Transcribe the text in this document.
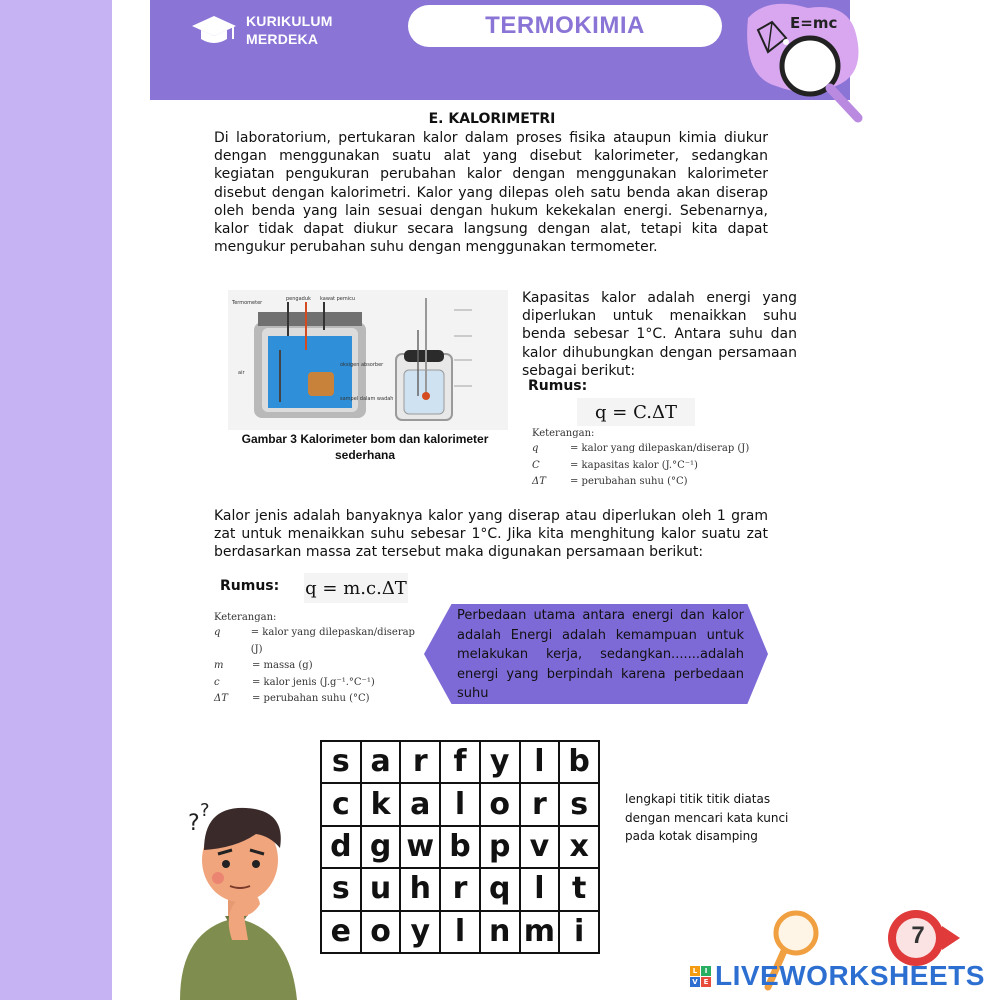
KURIKULUM
MERDEKA	TERMOKIMIA	E=mc
E. KALORIMETRI
Di laboratorium, pertukaran kalor dalam proses fisika ataupun kimia diukur dengan menggunakan suatu alat yang disebut kalorimeter, sedangkan kegiatan pengukuran perubahan kalor dengan menggunakan kalorimeter disebut dengan kalorimetri. Kalor yang dilepas oleh satu benda akan diserap oleh benda yang lain sesuai dengan hukum kekekalan energi. Sebenarnya, kalor tidak dapat diukur secara langsung dengan alat, tetapi kita dapat mengukur perubahan suhu dengan menggunakan termometer.
Termometer
pengaduk kawat pemicu
air
oksigen absorber
sampel dalam wadah
Gambar 3 Kalorimeter bom dan kalorimeter sederhana
Kapasitas kalor adalah energi yang diperlukan untuk menaikkan suhu benda sebesar 1°C. Antara suhu dan kalor dihubungkan dengan persamaan sebagai berikut:
Rumus:
q = C.ΔT
Keterangan:
q	= kalor yang dilepaskan/diserap (J)
C	= kapasitas kalor (J.°C⁻¹)
ΔT	= perubahan suhu (°C)
Kalor jenis adalah banyaknya kalor yang diserap atau diperlukan oleh 1 gram zat untuk menaikkan suhu sebesar 1°C. Jika kita menghitung kalor suatu zat berdasarkan massa zat tersebut maka digunakan persamaan berikut:
Rumus: q = m.c.ΔT
Keterangan:
q	= kalor yang dilepaskan/diserap (J)
m	= massa (g)
c	= kalor jenis (J.g⁻¹.°C⁻¹)
ΔT	= perubahan suhu (°C)
Perbedaan utama antara energi dan kalor adalah Energi adalah kemampuan untuk melakukan kerja, sedangkan.......adalah energi yang berpindah karena perbedaan suhu
s a r f y l b
c k a l o r s
d g w b p v x
s u h r q l t
e o y l n m i
lengkapi titik titik diatas dengan mencari kata kunci pada kotak disamping
?
?
7
L	I
V E LIVEWORKSHEETS
